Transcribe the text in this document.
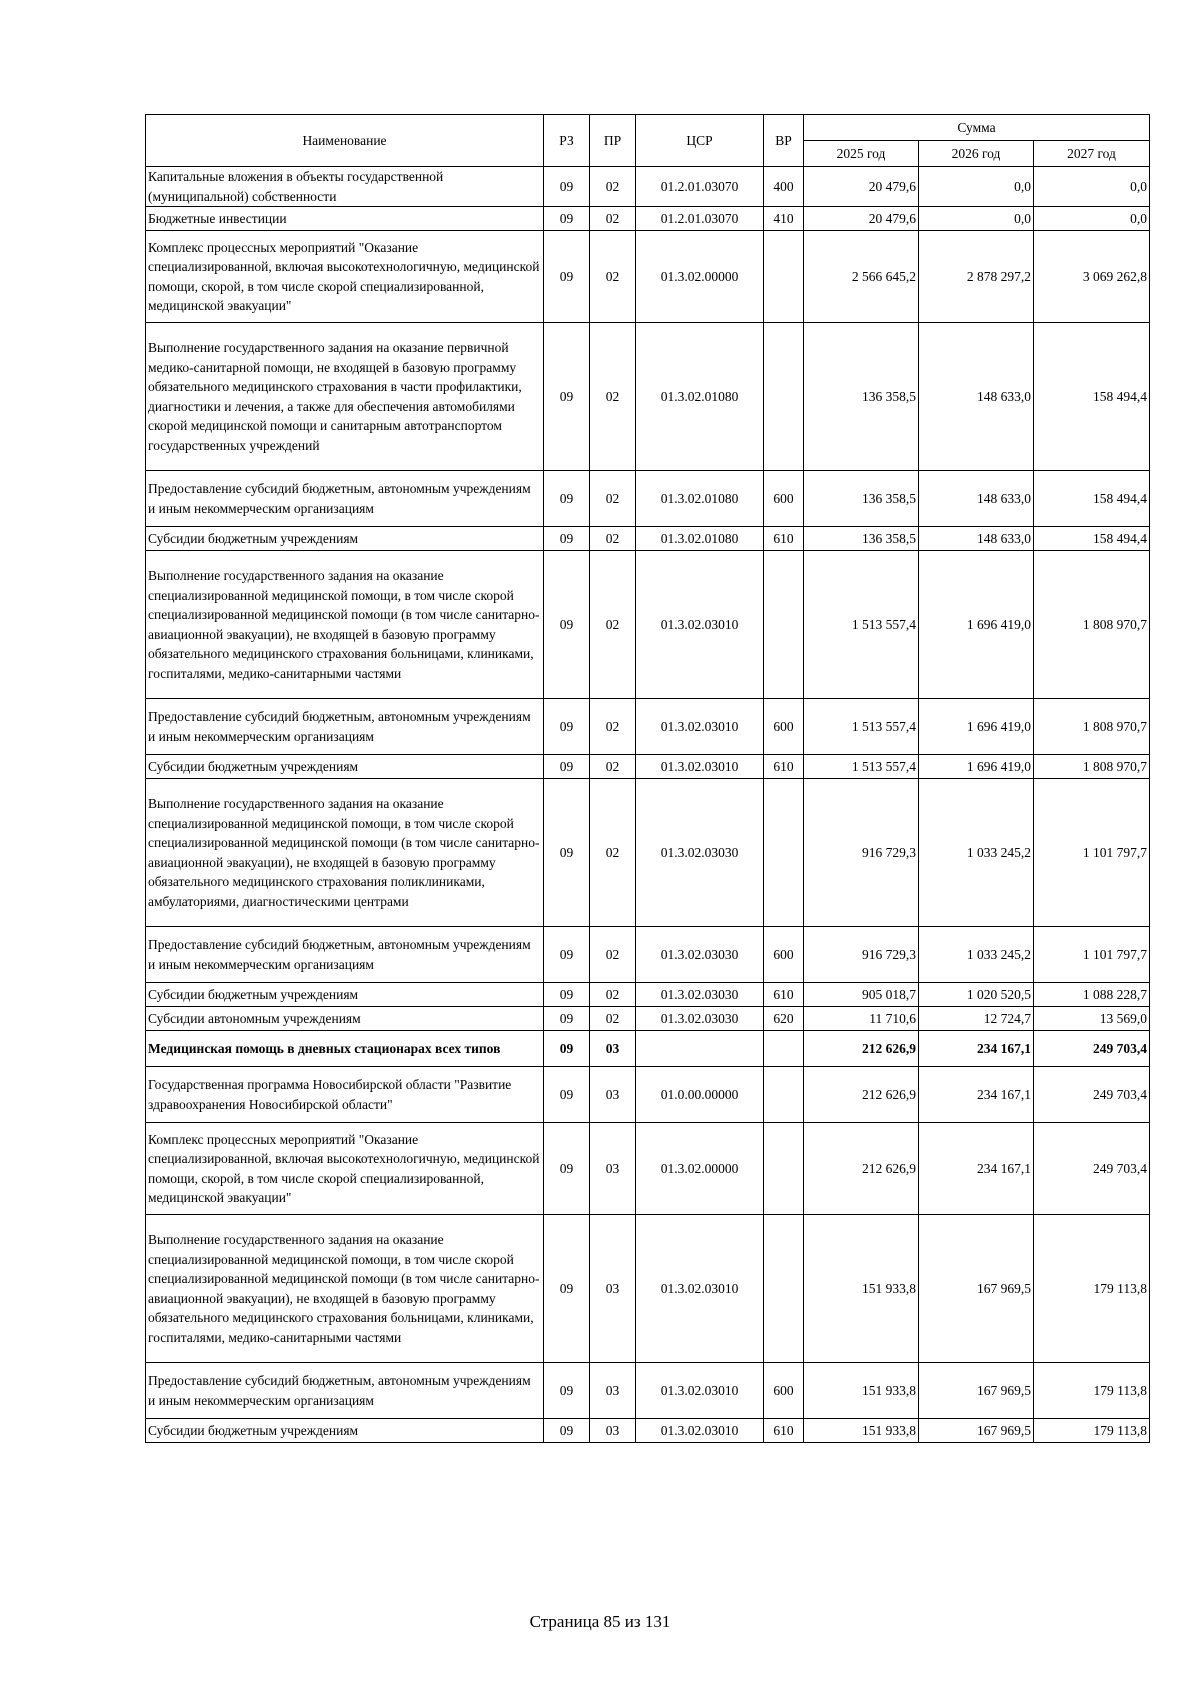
Наименование	РЗ	ПР	ЦСР	ВР	Сумма		
					2025 год	2026 год	2027 год
Капитальные вложения в объекты государственной (муниципальной) собственности	09	02	01.2.01.03070	400	20 479,6	0,0	0,0
Бюджетные инвестиции	09	02	01.2.01.03070	410	20 479,6	0,0	0,0
Комплекс процессных мероприятий "Оказание специализированной, включая высокотехнологичную, медицинской помощи, скорой, в том числе скорой специализированной, медицинской эвакуации"	09	02	01.3.02.00000		2 566 645,2	2 878 297,2	3 069 262,8
Выполнение государственного задания на оказание первичной медико-санитарной помощи, не входящей в базовую программу обязательного медицинского страхования в части профилактики, диагностики и лечения, а также для обеспечения автомобилями скорой медицинской помощи и санитарным автотранспортом государственных учреждений	09	02	01.3.02.01080		136 358,5	148 633,0	158 494,4
Предоставление субсидий бюджетным, автономным учреждениям и иным некоммерческим организациям	09	02	01.3.02.01080	600	136 358,5	148 633,0	158 494,4
Субсидии бюджетным учреждениям	09	02	01.3.02.01080	610	136 358,5	148 633,0	158 494,4
Выполнение государственного задания на оказание специализированной медицинской помощи, в том числе скорой специализированной медицинской помощи (в том числе санитарно-авиационной эвакуации), не входящей в базовую программу обязательного медицинского страхования больницами, клиниками, госпиталями, медико-санитарными частями	09	02	01.3.02.03010		1 513 557,4	1 696 419,0	1 808 970,7
Предоставление субсидий бюджетным, автономным учреждениям и иным некоммерческим организациям	09	02	01.3.02.03010	600	1 513 557,4	1 696 419,0	1 808 970,7
Субсидии бюджетным учреждениям	09	02	01.3.02.03010	610	1 513 557,4	1 696 419,0	1 808 970,7
Выполнение государственного задания на оказание специализированной медицинской помощи, в том числе скорой специализированной медицинской помощи (в том числе санитарно-авиационной эвакуации), не входящей в базовую программу обязательного медицинского страхования поликлиниками, амбулаториями, диагностическими центрами	09	02	01.3.02.03030		916 729,3	1 033 245,2	1 101 797,7
Предоставление субсидий бюджетным, автономным учреждениям и иным некоммерческим организациям	09	02	01.3.02.03030	600	916 729,3	1 033 245,2	1 101 797,7
Субсидии бюджетным учреждениям	09	02	01.3.02.03030	610	905 018,7	1 020 520,5	1 088 228,7
Субсидии автономным учреждениям	09	02	01.3.02.03030	620	11 710,6	12 724,7	13 569,0
Медицинская помощь в дневных стационарах всех типов	09	03			212 626,9	234 167,1	249 703,4
Государственная программа Новосибирской области "Развитие здравоохранения Новосибирской области"	09	03	01.0.00.00000		212 626,9	234 167,1	249 703,4
Комплекс процессных мероприятий "Оказание специализированной, включая высокотехнологичную, медицинской помощи, скорой, в том числе скорой специализированной, медицинской эвакуации"	09	03	01.3.02.00000		212 626,9	234 167,1	249 703,4
Выполнение государственного задания на оказание специализированной медицинской помощи, в том числе скорой специализированной медицинской помощи (в том числе санитарно-авиационной эвакуации), не входящей в базовую программу обязательного медицинского страхования больницами, клиниками, госпиталями, медико-санитарными частями	09	03	01.3.02.03010		151 933,8	167 969,5	179 113,8
Предоставление субсидий бюджетным, автономным учреждениям и иным некоммерческим организациям	09	03	01.3.02.03010	600	151 933,8	167 969,5	179 113,8
Субсидии бюджетным учреждениям	09	03	01.3.02.03010	610	151 933,8	167 969,5	179 113,8
Страница 85 из 131
